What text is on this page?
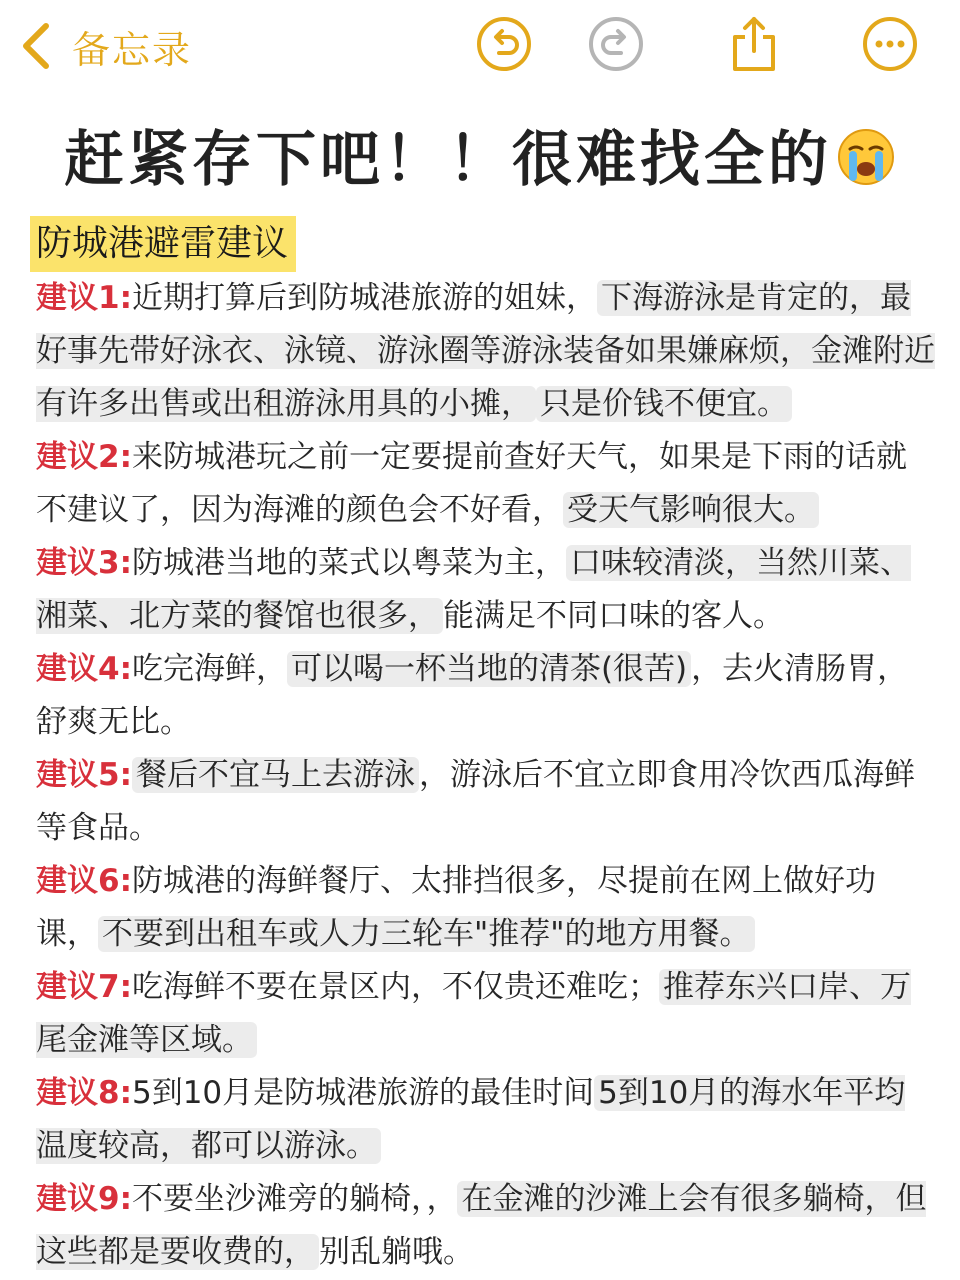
备忘录
赶紧存下吧！！很难找全的
防城港避雷建议

建议1:近期打算后到防城港旅游的姐妹， 下海游泳是肯定的，最好事先带好泳衣、泳镜、游泳圈等游泳装备如果嫌麻烦，金滩附近有许多出售或出租游泳用具的小摊， 只是价钱不便宜。

建议2:来防城港玩之前一定要提前查好天气，如果是下雨的话就不建议了，因为海滩的颜色会不好看， 受天气影响很大。

建议3:防城港当地的菜式以粤菜为主， 口味较清淡，当然川菜、湘菜、北方菜的餐馆也很多， 能满足不同口味的客人。

建议4:吃完海鲜， 可以喝一杯当地的清茶(很苦) ，去火清肠胃，舒爽无比。

建议5: 餐后不宜马上去游泳 ，游泳后不宜立即食用冷饮西瓜海鲜等食品。

建议6:防城港的海鲜餐厅、太排挡很多，尽提前在网上做好功课， 不要到出租车或人力三轮车"推荐"的地方用餐。

建议7:吃海鲜不要在景区内，不仅贵还难吃； 推荐东兴口岸、万尾金滩等区域。

建议8:5到10月是防城港旅游的最佳时间 5到10月的海水年平均温度较高，都可以游泳。

建议9:不要坐沙滩旁的躺椅，， 在金滩的沙滩上会有很多躺椅，但这些都是要收费的， 别乱躺哦。
